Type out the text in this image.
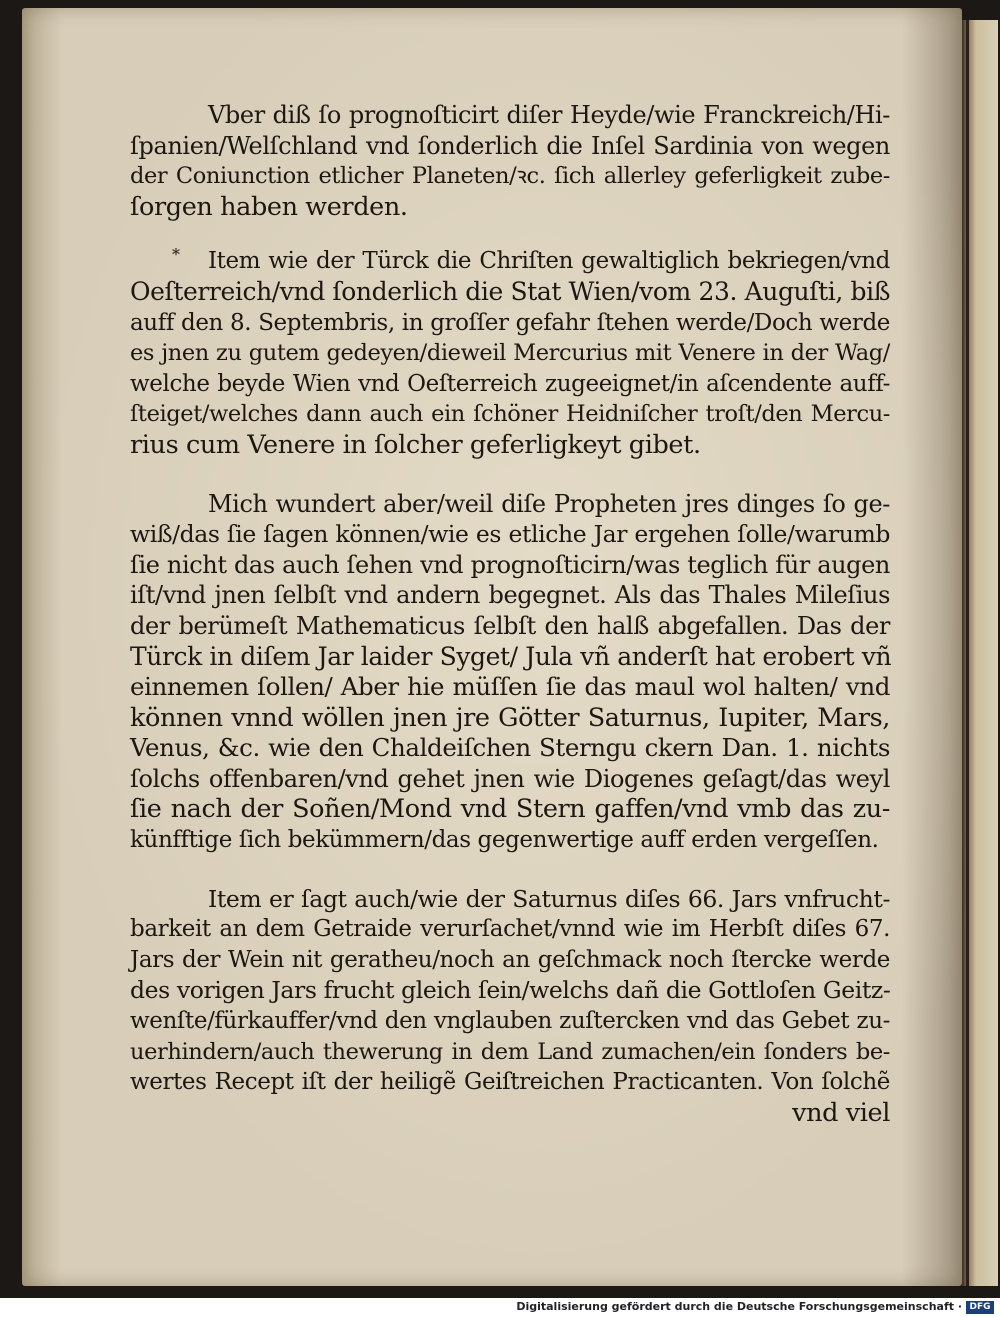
*
Vber diß ſo prognoſticirt diſer Heyde/wie Franckreich/Hi-
ſpanien/Welſchland vnd ſonderlich die Inſel Sardinia von wegen
der Coniunction etlicher Planeten/ꝛc. ſich allerley geferligkeit zube-
ſorgen haben werden.
Item wie der Türck die Chriſten gewaltiglich bekriegen/vnd
Oeſterreich/vnd ſonderlich die Stat Wien/vom 23. Auguſti, biß
auff den 8. Septembris, in groſſer gefahr ſtehen werde/Doch werde
es jnen zu gutem gedeyen/dieweil Mercurius mit Venere in der Wag/
welche beyde Wien vnd Oeſterreich zugeeignet/in aſcendente auff-
ſteiget/welches dann auch ein ſchöner Heidniſcher troſt/den Mercu-
rius cum Venere in ſolcher geferligkeyt gibet.
Mich wundert aber/weil diſe Propheten jres dinges ſo ge-
wiß/das ſie ſagen können/wie es etliche Jar ergehen ſolle/warumb
ſie nicht das auch ſehen vnd prognoſticirn/was teglich für augen
iſt/vnd jnen ſelbſt vnd andern begegnet. Als das Thales Mileſius
der berümeſt Mathematicus ſelbſt den halß abgefallen. Das der
Türck in diſem Jar laider Syget/ Jula vñ anderſt hat erobert vñ
einnemen ſollen/ Aber hie müſſen ſie das maul wol halten/ vnd
können vnnd wöllen jnen jre Götter Saturnus, Iupiter, Mars,
Venus, &c. wie den Chaldeiſchen Sterngu ckern Dan. 1. nichts
ſolchs offenbaren/vnd gehet jnen wie Diogenes geſagt/das weyl
ſie nach der Soñen/Mond vnd Stern gaffen/vnd vmb das zu-
künfftige ſich bekümmern/das gegenwertige auff erden vergeſſen.
Item er ſagt auch/wie der Saturnus diſes 66. Jars vnfrucht-
barkeit an dem Getraide verurſachet/vnnd wie im Herbſt diſes 67.
Jars der Wein nit geratheu/noch an geſchmack noch ſtercke werde
des vorigen Jars frucht gleich ſein/welchs dañ die Gottloſen Geitz-
wenſte/fürkauffer/vnd den vnglauben zuſtercken vnd das Gebet zu-
uerhindern/auch thewerung in dem Land zumachen/ein ſonders be-
wertes Recept iſt der heiligẽ Geiſtreichen Practicanten. Von ſolchẽ
vnd viel
Digitalisierung gefördert durch die Deutsche Forschungsgemeinschaft · DFG
